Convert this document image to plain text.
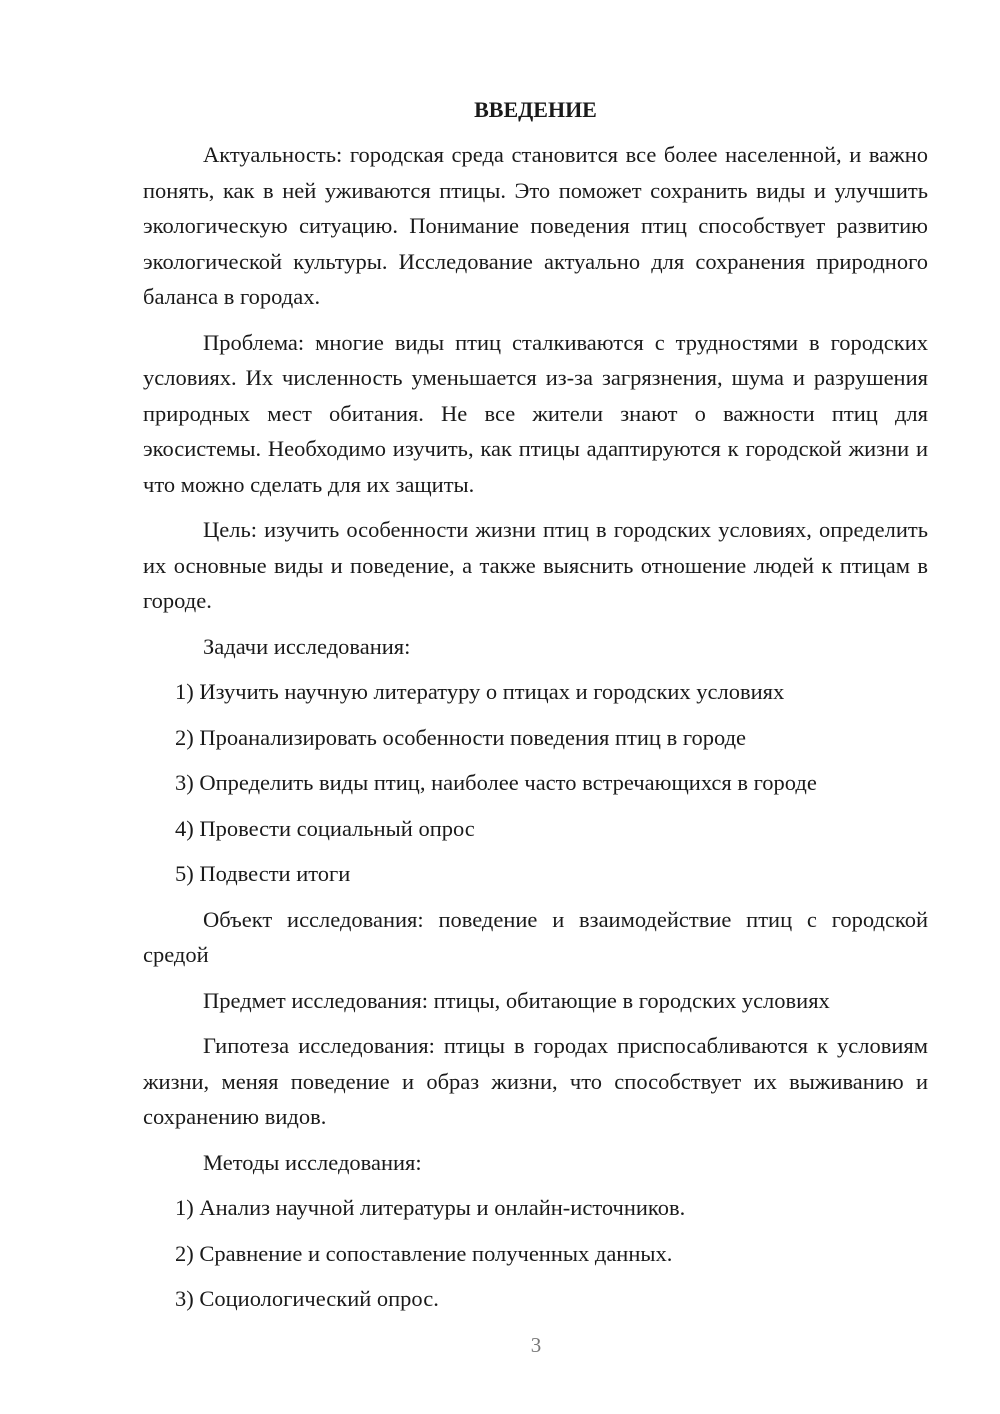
ВВЕДЕНИЕ

Актуальность: городская среда становится все более населенной, и важно понять, как в ней уживаются птицы. Это поможет сохранить виды и улучшить экологическую ситуацию. Понимание поведения птиц способствует развитию экологической культуры. Исследование актуально для сохранения природного баланса в городах.

Проблема: многие виды птиц сталкиваются с трудностями в городских условиях. Их численность уменьшается из-за загрязнения, шума и разрушения природных мест обитания. Не все жители знают о важности птиц для экосистемы. Необходимо изучить, как птицы адаптируются к городской жизни и что можно сделать для их защиты.

Цель: изучить особенности жизни птиц в городских условиях, определить их основные виды и поведение, а также выяснить отношение людей к птицам в городе.

Задачи исследования:

1) Изучить научную литературу о птицах и городских условиях

2) Проанализировать особенности поведения птиц в городе

3) Определить виды птиц, наиболее часто встречающихся в городе

4) Провести социальный опрос

5) Подвести итоги

Объект исследования: поведение и взаимодействие птиц с городской средой

Предмет исследования: птицы, обитающие в городских условиях

Гипотеза исследования: птицы в городах приспосабливаются к условиям жизни, меняя поведение и образ жизни, что способствует их выживанию и сохранению видов.

Методы исследования:

1) Анализ научной литературы и онлайн-источников.

2) Сравнение и сопоставление полученных данных.

3) Социологический опрос.

3
